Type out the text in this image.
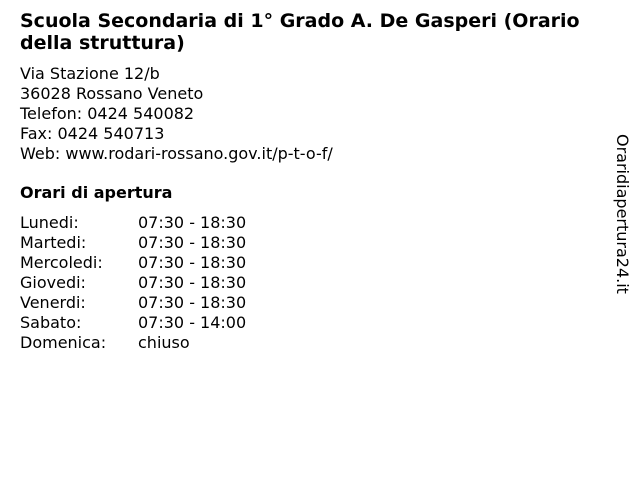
Scuola Secondaria di 1° Grado A. De Gasperi (Orario
della struttura)
Via Stazione 12/b
36028 Rossano Veneto
Telefon: 0424 540082
Fax: 0424 540713
Web: www.rodari-rossano.gov.it/p-t-o-f/
Orari di apertura
Lunedi:	07:30 - 18:30
Martedi:	07:30 - 18:30
Mercoledi: 07:30 - 18:30
Giovedi:	07:30 - 18:30
Venerdi:	07:30 - 18:30
Sabato:	07:30 - 14:00
Domenica: chiuso
Oraridiapertura24.it
